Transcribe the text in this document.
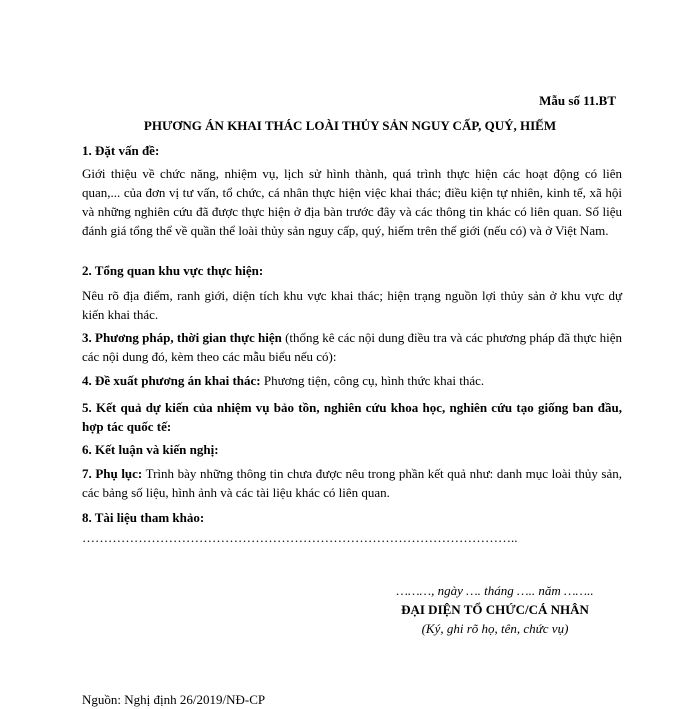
Mẫu số 11.BT
PHƯƠNG ÁN KHAI THÁC LOÀI THỦY SẢN NGUY CẤP, QUÝ, HIẾM
1. Đặt vấn đề:
Giới thiệu về chức năng, nhiệm vụ, lịch sử hình thành, quá trình thực hiện các hoạt động có liên quan,... của đơn vị tư vấn, tổ chức, cá nhân thực hiện việc khai thác; điều kiện tự nhiên, kinh tế, xã hội và những nghiên cứu đã được thực hiện ở địa bàn trước đây và các thông tin khác có liên quan. Số liệu đánh giá tổng thể về quần thể loài thủy sản nguy cấp, quý, hiếm trên thế giới (nếu có) và ở Việt Nam.
2. Tổng quan khu vực thực hiện:
Nêu rõ địa điểm, ranh giới, diện tích khu vực khai thác; hiện trạng nguồn lợi thủy sản ở khu vực dự kiến khai thác.
3. Phương pháp, thời gian thực hiện (thống kê các nội dung điều tra và các phương pháp đã thực hiện các nội dung đó, kèm theo các mẫu biểu nếu có):
4. Đề xuất phương án khai thác: Phương tiện, công cụ, hình thức khai thác.
5. Kết quả dự kiến của nhiệm vụ bảo tồn, nghiên cứu khoa học, nghiên cứu tạo giống ban đầu, hợp tác quốc tế:
6. Kết luận và kiến nghị:
7. Phụ lục: Trình bày những thông tin chưa được nêu trong phần kết quả như: danh mục loài thủy sản, các bảng số liệu, hình ảnh và các tài liệu khác có liên quan.
8. Tài liệu tham khảo:
………………………………………………………………………………………..
………, ngày …. tháng ….. năm ……..
ĐẠI DIỆN TỔ CHỨC/CÁ NHÂN
(Ký, ghi rõ họ, tên, chức vụ)
Nguồn: Nghị định 26/2019/NĐ-CP
